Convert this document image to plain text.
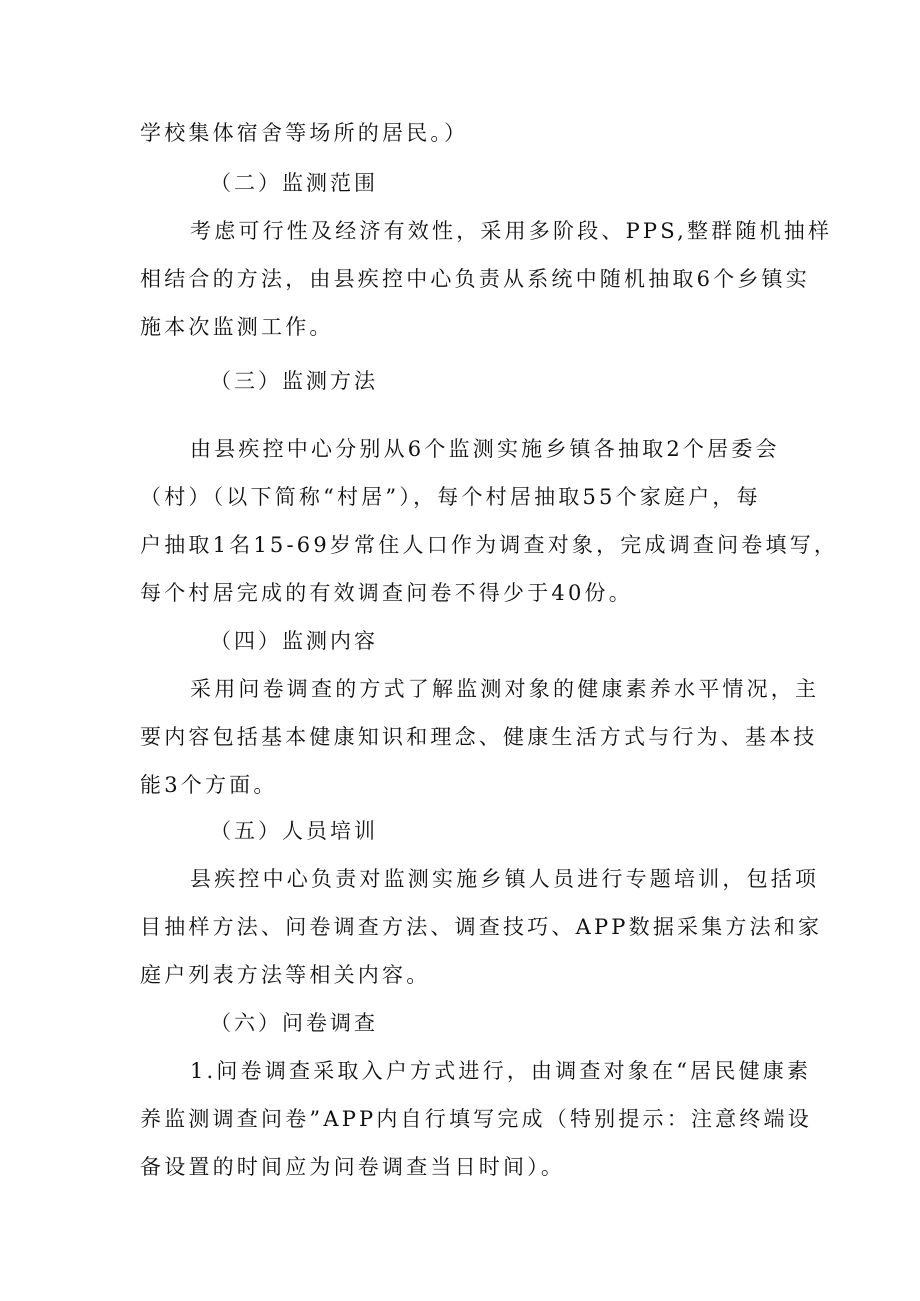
学校集体宿舍等场所的居民。）
（二）监测范围
考虑可行性及经济有效性，采用多阶段、PPS,整群随机抽样
相结合的方法，由县疾控中心负责从系统中随机抽取6个乡镇实
施本次监测工作。
（三）监测方法
由县疾控中心分别从6个监测实施乡镇各抽取2个居委会
（村）（以下简称“村居”），每个村居抽取55个家庭户，每
户抽取1名15-69岁常住人口作为调查对象，完成调查问卷填写，
每个村居完成的有效调查问卷不得少于40份。
（四）监测内容
采用问卷调查的方式了解监测对象的健康素养水平情况，主
要内容包括基本健康知识和理念、健康生活方式与行为、基本技
能3个方面。
（五）人员培训
县疾控中心负责对监测实施乡镇人员进行专题培训，包括项
目抽样方法、问卷调查方法、调查技巧、APP数据采集方法和家
庭户列表方法等相关内容。
（六）问卷调查
1.问卷调查采取入户方式进行，由调查对象在“居民健康素
养监测调查问卷”APP内自行填写完成（特别提示：注意终端设
备设置的时间应为问卷调查当日时间）。
